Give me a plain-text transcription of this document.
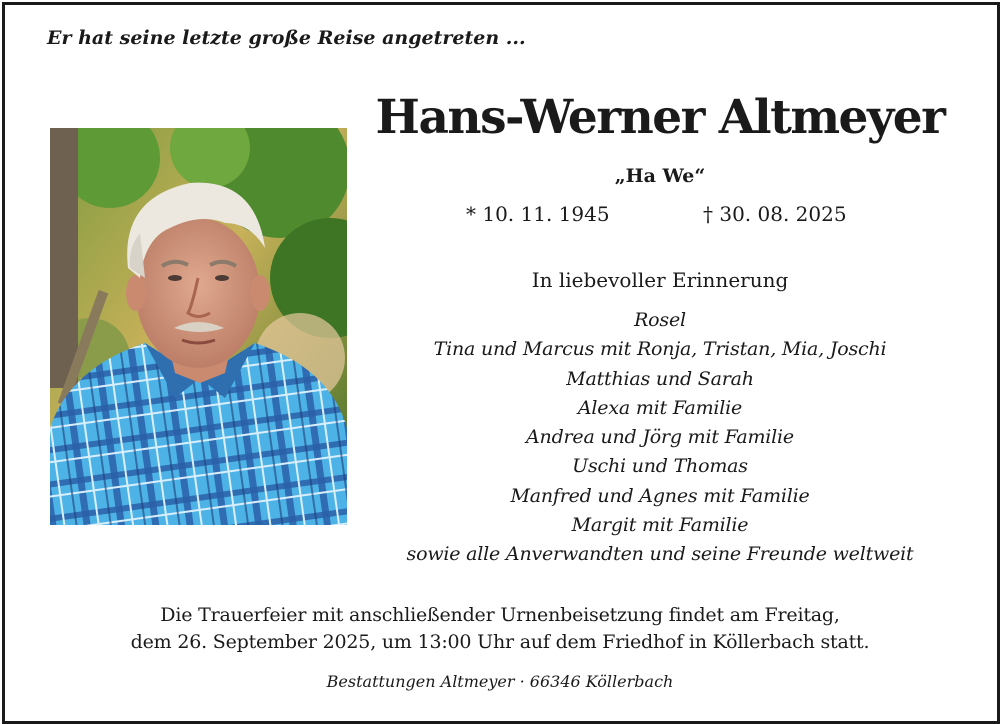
Er hat seine letzte große Reise angetreten ...
Hans-Werner Altmeyer
„Ha We“
* 10. 11. 1945	† 30. 08. 2025
In liebevoller Erinnerung
Rosel
Tina und Marcus mit Ronja, Tristan, Mia, Joschi
Matthias und Sarah
Alexa mit Familie
Andrea und Jörg mit Familie
Uschi und Thomas
Manfred und Agnes mit Familie
Margit mit Familie
sowie alle Anverwandten und seine Freunde weltweit
Die Trauerfeier mit anschließender Urnenbeisetzung findet am Freitag,
dem 26. September 2025, um 13:00 Uhr auf dem Friedhof in Köllerbach statt.
Bestattungen Altmeyer · 66346 Köllerbach
